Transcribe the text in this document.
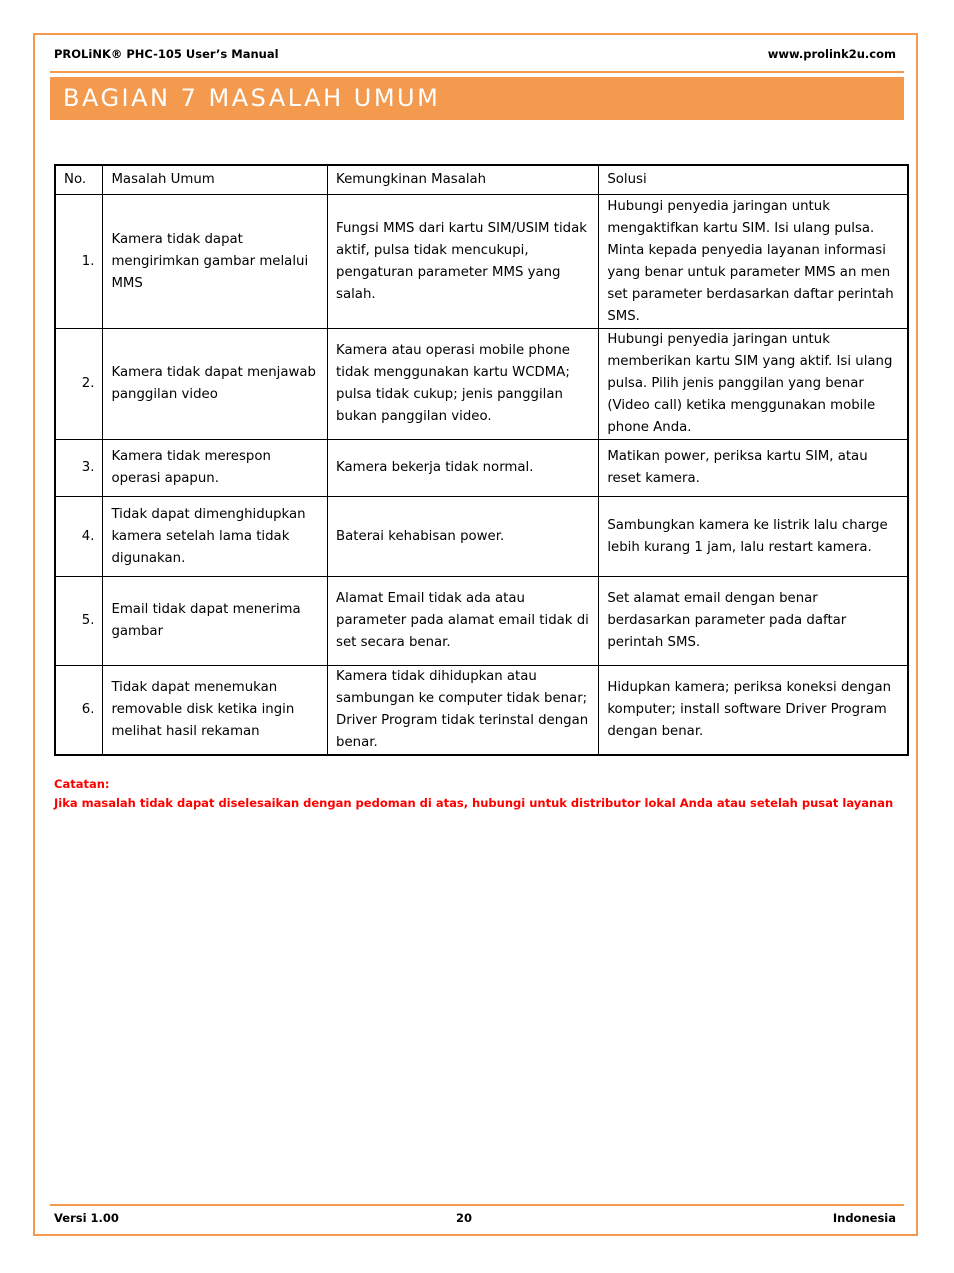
PROLiNK® PHC-105 User’s Manual	www.prolink2u.com
BAGIAN 7 MASALAH UMUM
No.	Masalah Umum	Kemungkinan Masalah	Solusi
1.	Kamera tidak dapat mengirimkan gambar melalui MMS	Fungsi MMS dari kartu SIM/USIM tidak aktif, pulsa tidak mencukupi, pengaturan parameter MMS yang salah.	Hubungi penyedia jaringan untuk mengaktifkan kartu SIM. Isi ulang pulsa. Minta kepada penyedia layanan informasi yang benar untuk parameter MMS an men set parameter berdasarkan daftar perintah SMS.
2.	Kamera tidak dapat menjawab panggilan video	Kamera atau operasi mobile phone tidak menggunakan kartu WCDMA; pulsa tidak cukup; jenis panggilan bukan panggilan video.	Hubungi penyedia jaringan untuk memberikan kartu SIM yang aktif. Isi ulang pulsa. Pilih jenis panggilan yang benar (Video call) ketika menggunakan mobile phone Anda.
3.	Kamera tidak merespon operasi apapun.	Kamera bekerja tidak normal.	Matikan power, periksa kartu SIM, atau reset kamera.
4.	Tidak dapat dimenghidupkan kamera setelah lama tidak digunakan.	Baterai kehabisan power.	Sambungkan kamera ke listrik lalu charge lebih kurang 1 jam, lalu restart kamera.
5.	Email tidak dapat menerima gambar	Alamat Email tidak ada atau parameter pada alamat email tidak di set secara benar.	Set alamat email dengan benar berdasarkan parameter pada daftar perintah SMS.
6.	Tidak dapat menemukan removable disk ketika ingin melihat hasil rekaman	Kamera tidak dihidupkan atau sambungan ke computer tidak benar; Driver Program tidak terinstal dengan benar.	Hidupkan kamera; periksa koneksi dengan komputer; install software Driver Program dengan benar.
Catatan:
Jika masalah tidak dapat diselesaikan dengan pedoman di atas, hubungi untuk distributor lokal Anda atau setelah pusat layanan
Versi 1.00	20	Indonesia
